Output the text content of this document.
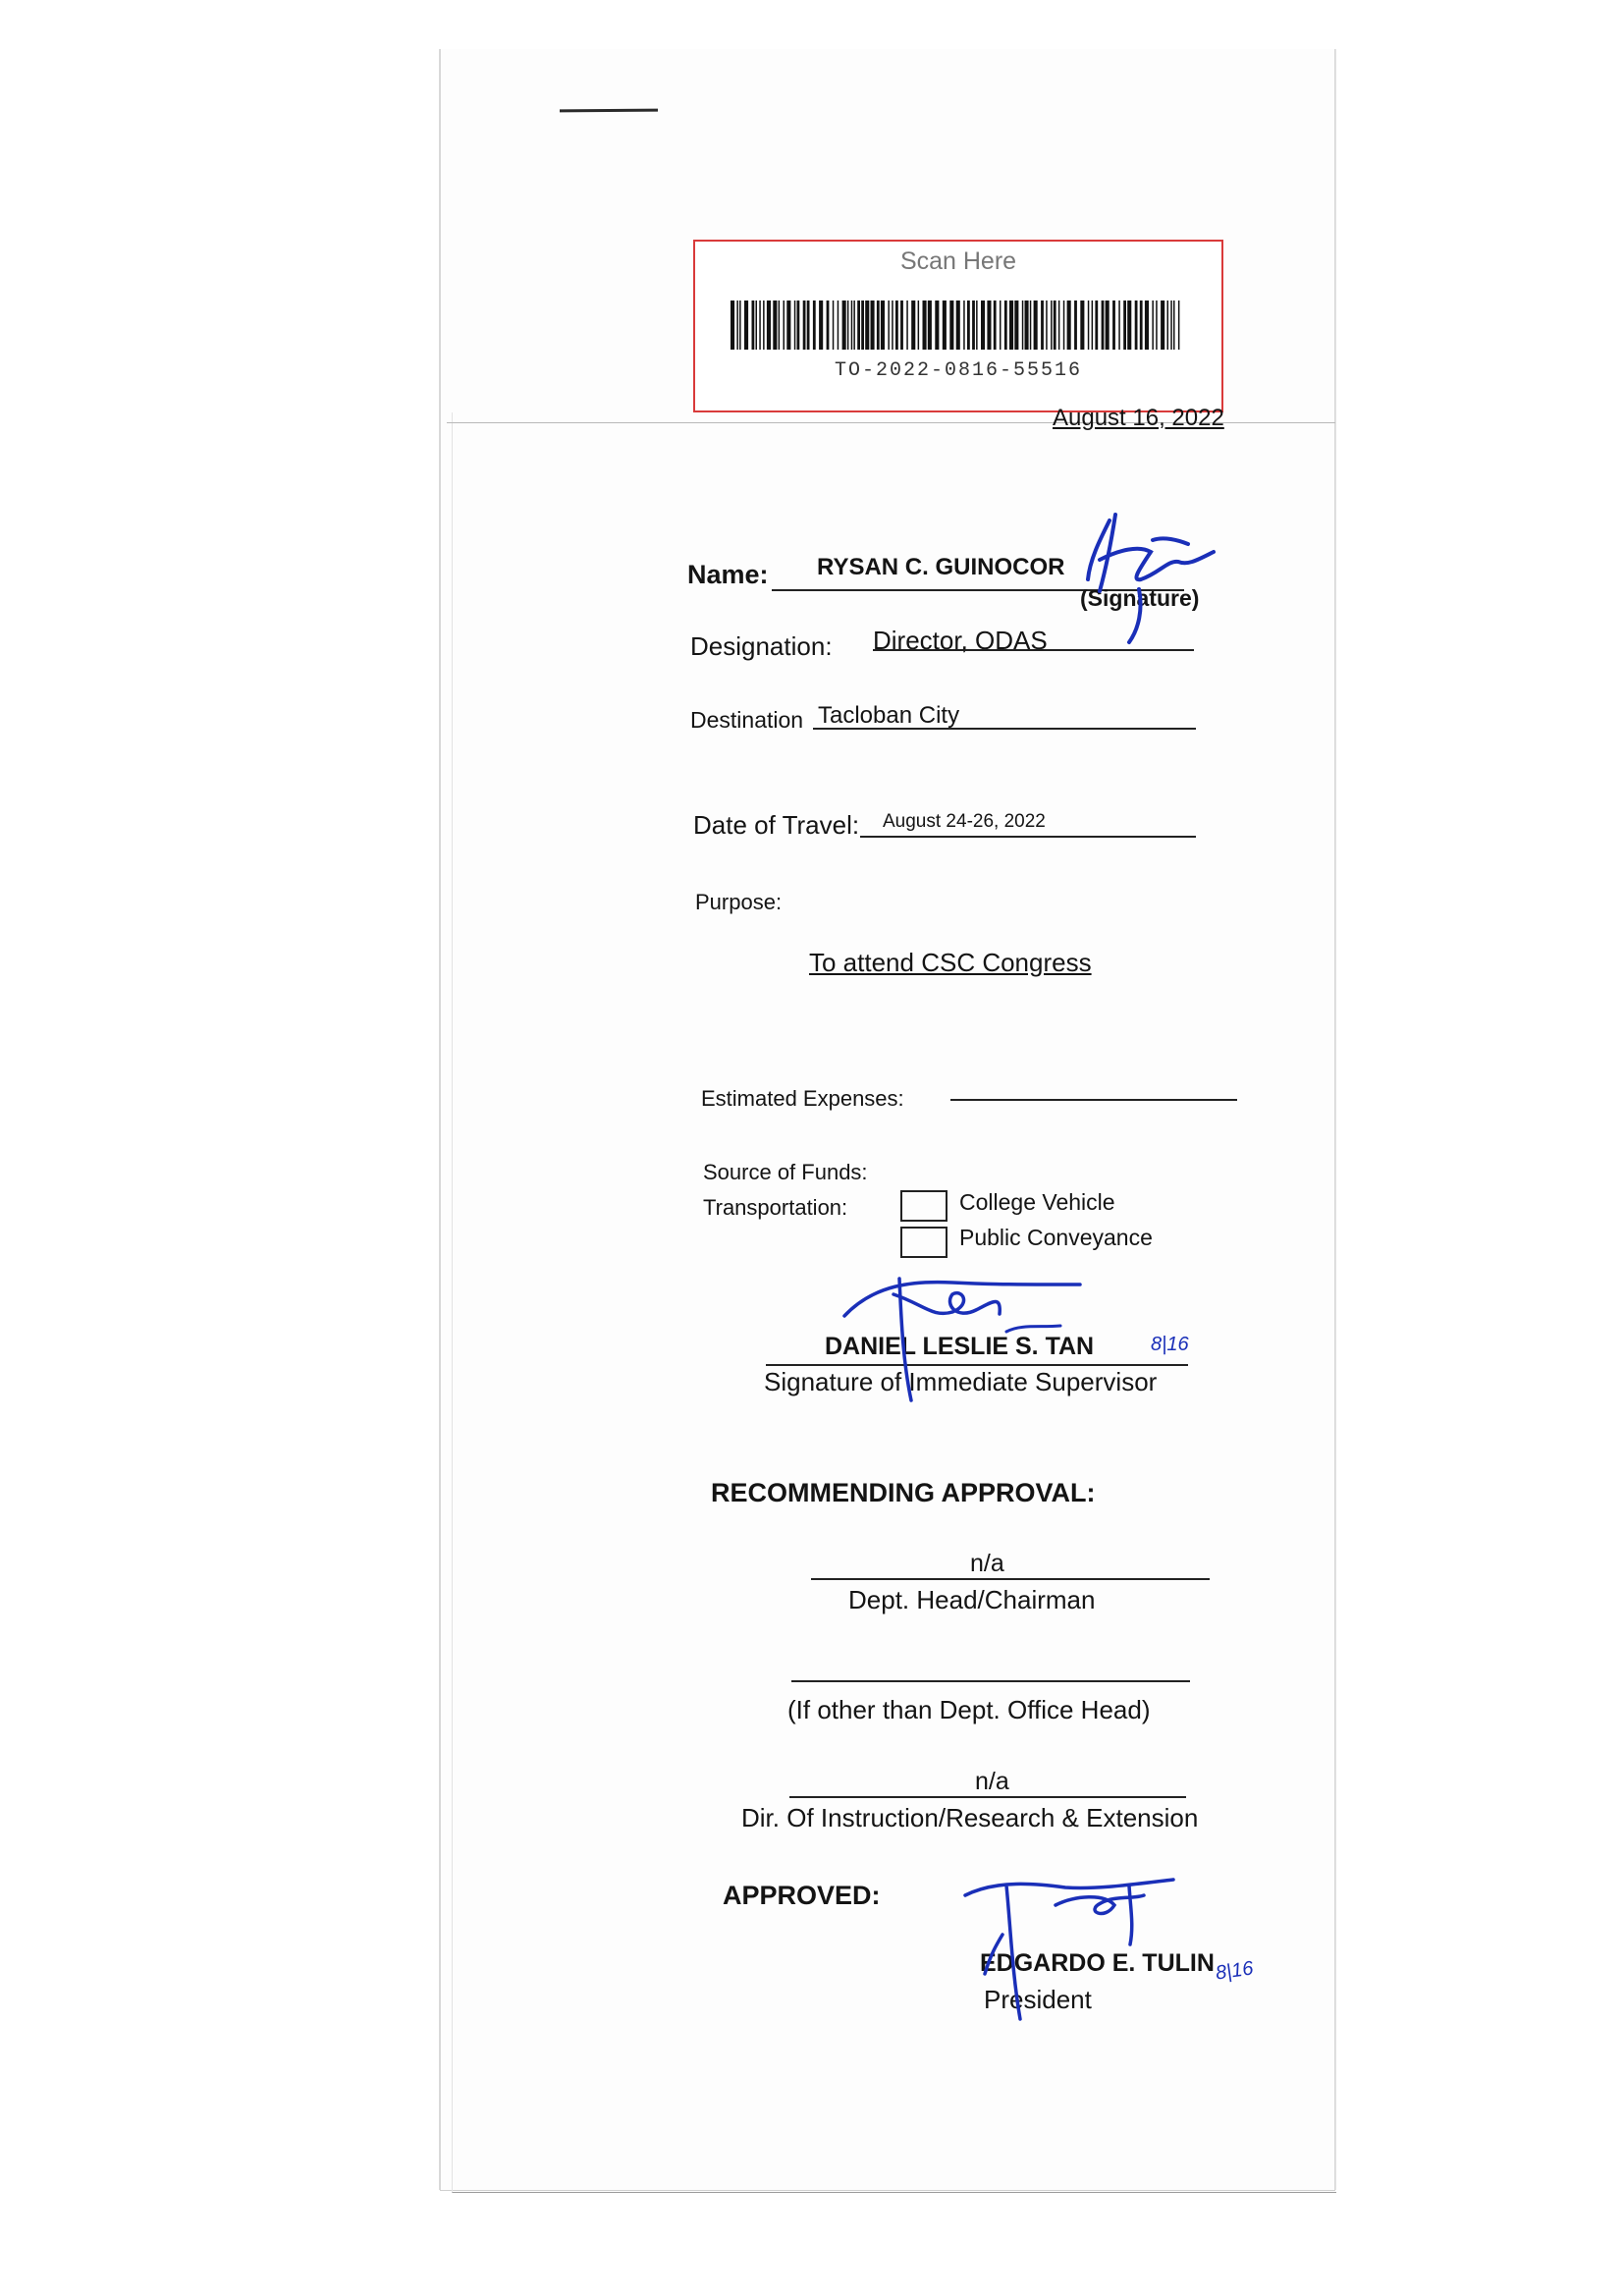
Scan Here
TO-2022-0816-55516
August 16, 2022
Name: RYSAN C. GUINOCOR
(Signature)
Designation: Director, ODAS
Destination Tacloban City
Date of Travel: August 24-26, 2022
Purpose:
To attend CSC Congress
Estimated Expenses:
Source of Funds:
Transportation:	College Vehicle
Public Conveyance
DANIEL LESLIE S. TAN
Signature of Immediate Supervisor
RECOMMENDING APPROVAL:
n/a
Dept. Head/Chairman
(If other than Dept. Office Head)
n/a
Dir. Of Instruction/Research & Extension
APPROVED:
EDGARDO E. TULIN
President
8|16
8|16
